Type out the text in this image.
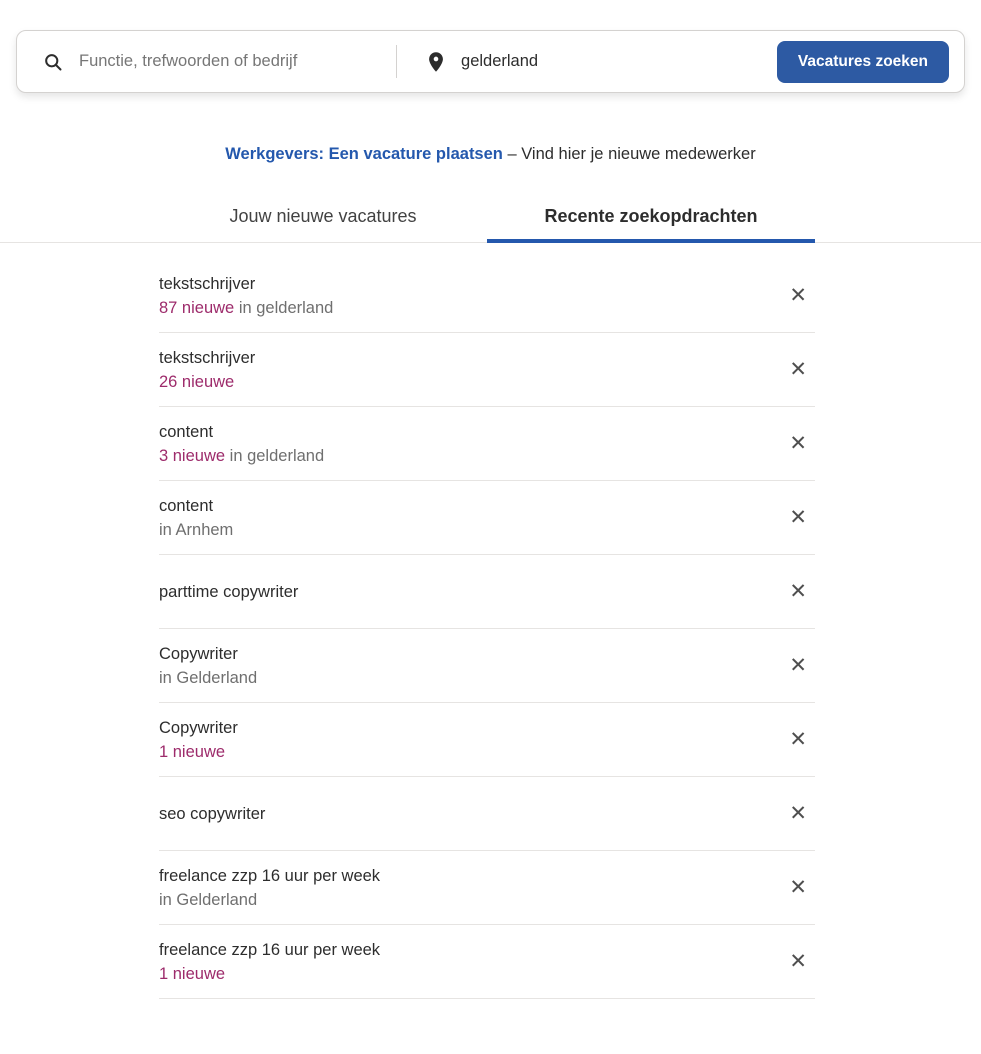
Functie, trefwoorden of bedrijf
gelderland
Vacatures zoeken

Werkgevers: Een vacature plaatsen – Vind hier je nieuwe medewerker

Jouw nieuwe vacatures	Recente zoekopdrachten
tekstschrijver
87 nieuwe in gelderland
✕
tekstschrijver
26 nieuwe
✕
content
3 nieuwe in gelderland
✕
content
in Arnhem
✕
parttime copywriter	✕
Copywriter
in Gelderland
✕
Copywriter
1 nieuwe
✕
seo copywriter	✕
freelance zzp 16 uur per week
in Gelderland
✕
freelance zzp 16 uur per week
1 nieuwe
✕
